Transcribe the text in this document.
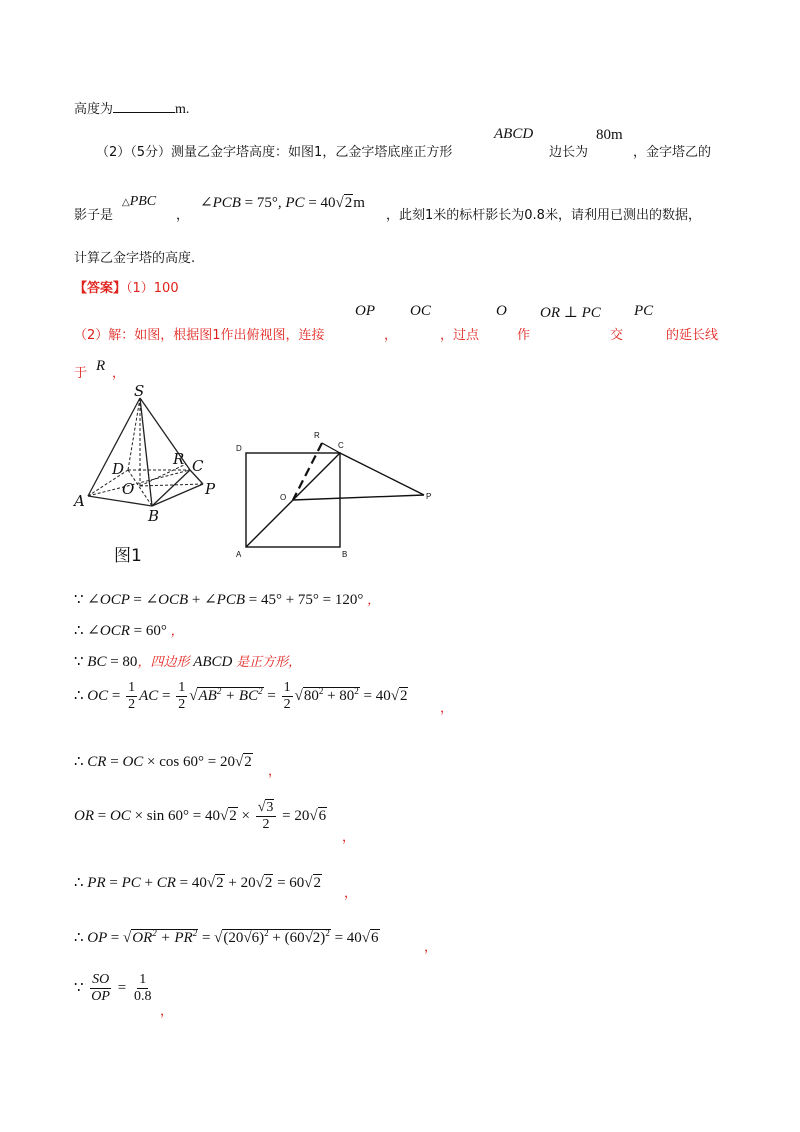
高度为	m.
（2）（5分）测量乙金字塔高度：如图1，乙金字塔底座正方形
ABCD
边长为
80m
，金字塔乙的
影子是
△PBC
，
∠PCB = 75°, PC = 40√2m
，此刻1米的标杆影长为0.8米，请利用已测出的数据，
计算乙金字塔的高度.
【答案】（1）100
（2）解：如图，根据图1作出俯视图，连接
OP
，
OC
，过点
O
作
OR ⊥ PC
交
PC
的延长线
于 R ，
S
D
R C
O	P
A
B
图1
D
R
C
O	P
A	B
∵ ∠OCP = ∠OCB + ∠PCB = 45° + 75° = 120° ，
∴ ∠OCR = 60° ，
∵ BC = 80，四边形 ABCD 是正方形，
∴ OC = $\frac{1}{2}$ AC = $\frac{1}{2} √AB^2 + BC^2 = \frac{1}{2} √80^2 + 80^2 = 40√2$
，
∴ CR = OC × cos 60° = 20√2
，
OR = OC × $\sin 60^\circ = 40√2 \times \frac{√3}{2} = 20√6$
，
∴ PR = PC + CR = 40√2 + 20√2 = 60√2
，
∴ OP = $√OR^2 + PR^2 = √(20√6)^2 + (60√2)^2 = 40√6$
，
∵ $\frac{SO}{OP} = \frac{1}{0.8}$
，
